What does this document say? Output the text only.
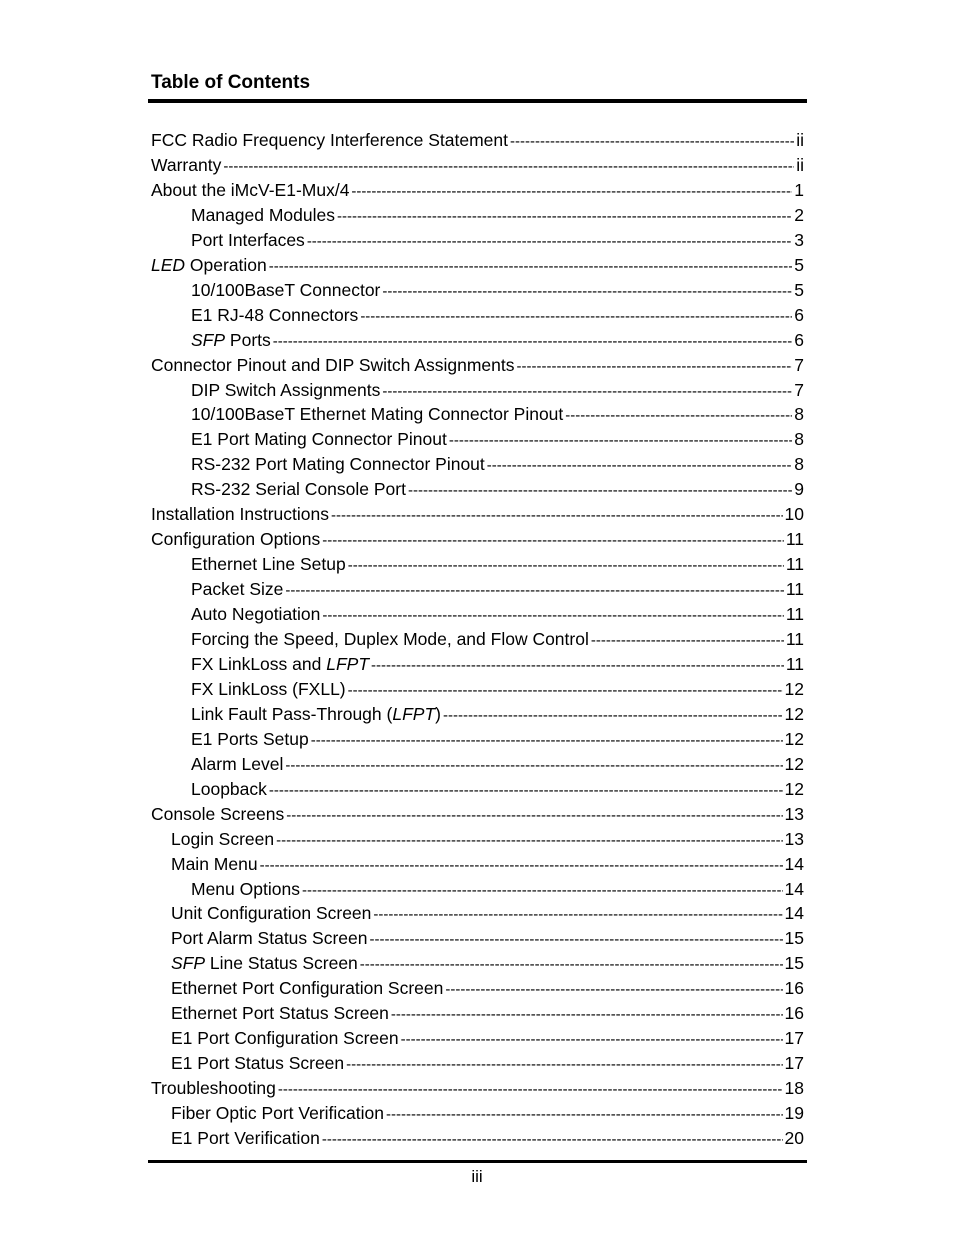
Table of Contents
FCC Radio Frequency Interference Statement -----	ii
Warranty -----	ii
About the iMcV-E1-Mux/4 -----	1
Managed Modules -----	2
Port Interfaces -----	3
LED Operation -----	5
10/100BaseT Connector -----	5
E1 RJ-48 Connectors -----	6
SFP Ports -----	6
Connector Pinout and DIP Switch Assignments -----	7
DIP Switch Assignments -----	7
10/100BaseT Ethernet Mating Connector Pinout -----	8
E1 Port Mating Connector Pinout -----	8
RS-232 Port Mating Connector Pinout -----	8
RS-232 Serial Console Port -----	9
Installation Instructions -----	10
Configuration Options -----	11
Ethernet Line Setup -----	11
Packet Size -----	11
Auto Negotiation -----	11
Forcing the Speed, Duplex Mode, and Flow Control -----	11
FX LinkLoss and LFPT -----	11
FX LinkLoss (FXLL) -----	12
Link Fault Pass-Through (LFPT) -----	12
E1 Ports Setup -----	12
Alarm Level -----	12
Loopback -----	12
Console Screens -----	13
Login Screen -----	13
Main Menu -----	14
Menu Options -----	14
Unit Configuration Screen -----	14
Port Alarm Status Screen -----	15
SFP Line Status Screen -----	15
Ethernet Port Configuration Screen -----	16
Ethernet Port Status Screen -----	16
E1 Port Configuration Screen -----	17
E1 Port Status Screen -----	17
Troubleshooting -----	18
Fiber Optic Port Verification -----	19
E1 Port Verification -----	20
iii
